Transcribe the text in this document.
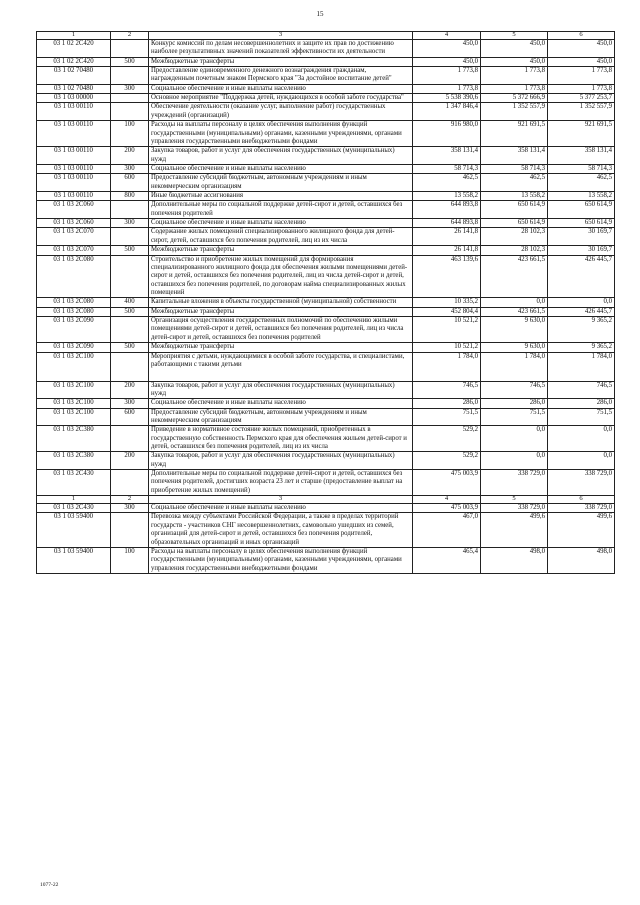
15
1	2	3	4	5	6
03 1 02 2С420		Конкурс комиссий по делам несовершеннолетних и защите их прав по достижению наиболее результативных значений показателей эффективности их деятельности	450,0	450,0	450,0
03 1 02 2С420	500	Межбюджетные трансферты	450,0	450,0	450,0
03 1 02 70480		Предоставление единовременного денежного вознаграждения гражданам, награжденным почетным знаком Пермского края "За достойное воспитание детей"	1 773,8	1 773,8	1 773,8
03 1 02 70480	300	Социальное обеспечение и иные выплаты населению	1 773,8	1 773,8	1 773,8
03 1 03 00000		Основное мероприятие "Поддержка детей, нуждающихся в особой заботе государства"	5 538 390,6	5 372 666,9	5 377 253,7
03 1 03 00110		Обеспечение деятельности (оказание услуг, выполнение работ) государственных учреждений (организаций)	1 347 846,4	1 352 557,9	1 352 557,9
03 1 03 00110	100	Расходы на выплаты персоналу в целях обеспечения выполнения функций государственными (муниципальными) органами, казенными учреждениями, органами управления государственными внебюджетными фондами	916 980,0	921 691,5	921 691,5
03 1 03 00110	200	Закупка товаров, работ и услуг для обеспечения государственных (муниципальных) нужд	358 131,4	358 131,4	358 131,4
03 1 03 00110	300	Социальное обеспечение и иные выплаты населению	58 714,3	58 714,3	58 714,3
03 1 03 00110	600	Предоставление субсидий бюджетным, автономным учреждениям и иным некоммерческим организациям	462,5	462,5	462,5
03 1 03 00110	800	Иные бюджетные ассигнования	13 558,2	13 558,2	13 558,2
03 1 03 2С060		Дополнительные меры по социальной поддержке детей-сирот и детей, оставшихся без попечения родителей	644 893,8	650 614,9	650 614,9
03 1 03 2С060	300	Социальное обеспечение и иные выплаты населению	644 893,8	650 614,9	650 614,9
03 1 03 2С070		Содержание жилых помещений специализированного жилищного фонда для детей-сирот, детей, оставшихся без попечения родителей, лиц из их числа	26 141,8	28 102,3	30 169,7
03 1 03 2С070	500	Межбюджетные трансферты	26 141,8	28 102,3	30 169,7
03 1 03 2С080		Строительство и приобретение жилых помещений для формирования специализированного жилищного фонда для обеспечения жилыми помещениями детей-сирот и детей, оставшихся без попечения родителей, лиц из числа детей-сирот и детей, оставшихся без попечения родителей, по договорам найма специализированных жилых помещений	463 139,6	423 661,5	426 445,7
03 1 03 2С080	400	Капитальные вложения в объекты государственной (муниципальной) собственности	10 335,2	0,0	0,0
03 1 03 2С080	500	Межбюджетные трансферты	452 804,4	423 661,5	426 445,7
03 1 03 2С090		Организация осуществления государственных полномочий по обеспечению жилыми помещениями детей-сирот и детей, оставшихся без попечения родителей, лиц из числа детей-сирот и детей, оставшихся без попечения родителей	10 521,2	9 630,0	9 365,2
03 1 03 2С090	500	Межбюджетные трансферты	10 521,2	9 630,0	9 365,2
03 1 03 2С100		Мероприятия с детьми, нуждающимися в особой заботе государства, и специалистами, работающими с такими детьми	1 784,0	1 784,0	1 784,0
03 1 03 2С100	200	Закупка товаров, работ и услуг для обеспечения государственных (муниципальных) нужд	746,5	746,5	746,5
03 1 03 2С100	300	Социальное обеспечение и иные выплаты населению	286,0	286,0	286,0
03 1 03 2С100	600	Предоставление субсидий бюджетным, автономным учреждениям и иным некоммерческим организациям	751,5	751,5	751,5
03 1 03 2С380		Приведение в нормативное состояние жилых помещений, приобретенных в государственную собственность Пермского края для обеспечения жильем детей-сирот и детей, оставшихся без попечения родителей, лиц из их числа	529,2	0,0	0,0
03 1 03 2С380	200	Закупка товаров, работ и услуг для обеспечения государственных (муниципальных) нужд	529,2	0,0	0,0
03 1 03 2С430		Дополнительные меры по социальной поддержке детей-сирот и детей, оставшихся без попечения родителей, достигших возраста 23 лет и старше (предоставление выплат на приобретение жилых помещений)	475 003,9	338 729,0	338 729,0
1	2	3	4	5	6
03 1 03 2С430	300	Социальное обеспечение и иные выплаты населению	475 003,9	338 729,0	338 729,0
03 1 03 59400		Перевозка между субъектами Российской Федерации, а также в пределах территорий государств - участников СНГ несовершеннолетних, самовольно ушедших из семей, организаций для детей-сирот и детей, оставшихся без попечения родителей, образовательных организаций и иных организаций	467,0	499,6	499,6
03 1 03 59400	100	Расходы на выплаты персоналу в целях обеспечения выполнения функций государственными (муниципальными) органами, казенными учреждениями, органами управления государственными внебюджетными фондами	465,4	498,0	498,0
1077-22
